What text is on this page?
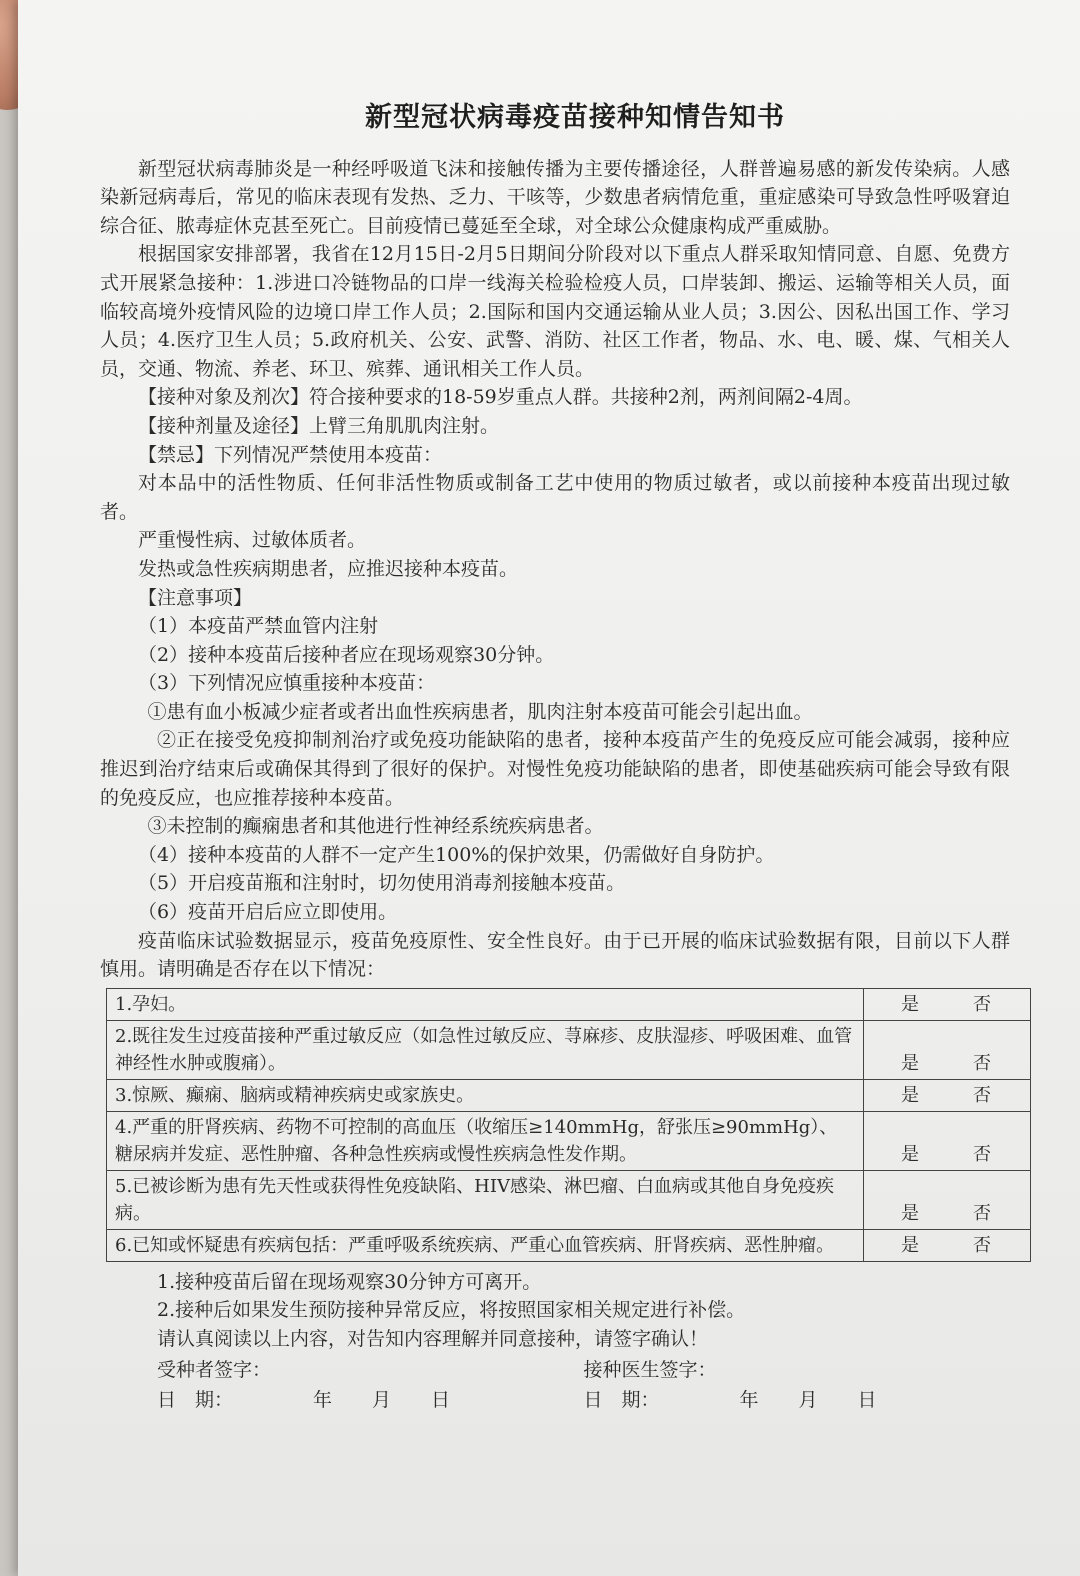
新型冠状病毒疫苗接种知情告知书

新型冠状病毒肺炎是一种经呼吸道飞沫和接触传播为主要传播途径，人群普遍易感的新发传染病。人感染新冠病毒后，常见的临床表现有发热、乏力、干咳等，少数患者病情危重，重症感染可导致急性呼吸窘迫综合征、脓毒症休克甚至死亡。目前疫情已蔓延至全球，对全球公众健康构成严重威胁。

根据国家安排部署，我省在12月15日-2月5日期间分阶段对以下重点人群采取知情同意、自愿、免费方式开展紧急接种：1.涉进口冷链物品的口岸一线海关检验检疫人员，口岸装卸、搬运、运输等相关人员，面临较高境外疫情风险的边境口岸工作人员；2.国际和国内交通运输从业人员；3.因公、因私出国工作、学习人员；4.医疗卫生人员；5.政府机关、公安、武警、消防、社区工作者，物品、水、电、暖、煤、气相关人员，交通、物流、养老、环卫、殡葬、通讯相关工作人员。

【接种对象及剂次】符合接种要求的18-59岁重点人群。共接种2剂，两剂间隔2-4周。

【接种剂量及途径】上臂三角肌肌肉注射。

【禁忌】下列情况严禁使用本疫苗：

对本品中的活性物质、任何非活性物质或制备工艺中使用的物质过敏者，或以前接种本疫苗出现过敏者。

严重慢性病、过敏体质者。

发热或急性疾病期患者，应推迟接种本疫苗。

【注意事项】

（1）本疫苗严禁血管内注射

（2）接种本疫苗后接种者应在现场观察30分钟。

（3）下列情况应慎重接种本疫苗：

①患有血小板减少症者或者出血性疾病患者，肌肉注射本疫苗可能会引起出血。

②正在接受免疫抑制剂治疗或免疫功能缺陷的患者，接种本疫苗产生的免疫反应可能会减弱，接种应推迟到治疗结束后或确保其得到了很好的保护。对慢性免疫功能缺陷的患者，即使基础疾病可能会导致有限的免疫反应，也应推荐接种本疫苗。

③未控制的癫痫患者和其他进行性神经系统疾病患者。

（4）接种本疫苗的人群不一定产生100%的保护效果，仍需做好自身防护。

（5）开启疫苗瓶和注射时，切勿使用消毒剂接触本疫苗。

（6）疫苗开启后应立即使用。

疫苗临床试验数据显示，疫苗免疫原性、安全性良好。由于已开展的临床试验数据有限，目前以下人群慎用。请明确是否存在以下情况：

1.孕妇。	是 否
2.既往发生过疫苗接种严重过敏反应（如急性过敏反应、荨麻疹、皮肤湿疹、呼吸困难、血管神经性水肿或腹痛）。	是 否
3.惊厥、癫痫、脑病或精神疾病史或家族史。	是 否
4.严重的肝肾疾病、药物不可控制的高血压（收缩压≥140mmHg，舒张压≥90mmHg）、糖尿病并发症、恶性肿瘤、各种急性疾病或慢性疾病急性发作期。	是 否
5.已被诊断为患有先天性或获得性免疫缺陷、HIV感染、淋巴瘤、白血病或其他自身免疫疾病。	是 否
6.已知或怀疑患有疾病包括：严重呼吸系统疾病、严重心血管疾病、肝肾疾病、恶性肿瘤。	是 否

1.接种疫苗后留在现场观察30分钟方可离开。

2.接种后如果发生预防接种异常反应，将按照国家相关规定进行补偿。

请认真阅读以上内容，对告知内容理解并同意接种，请签字确认！

受种者签字：	接种医生签字：
日　期：	年 月 日	日　期：	年 月 日
